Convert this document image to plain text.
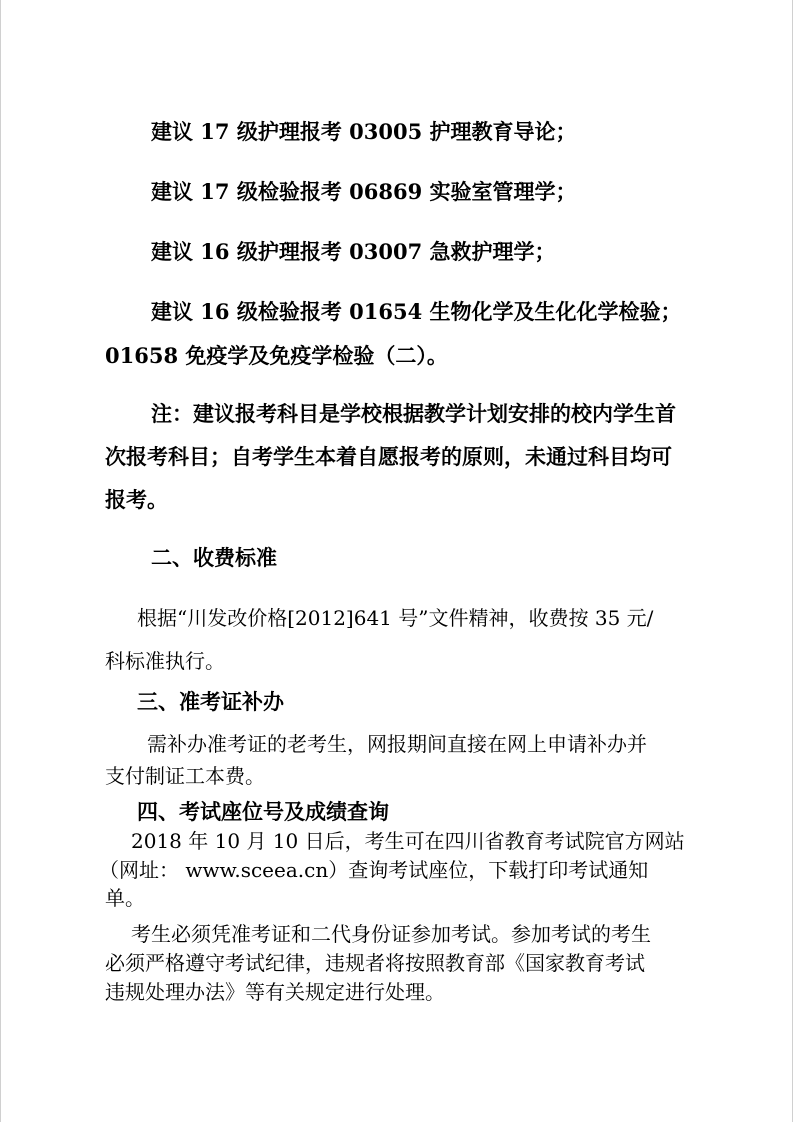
建议 17 级护理报考 03005 护理教育导论；
建议 17 级检验报考 06869 实验室管理学；
建议 16 级护理报考 03007 急救护理学；
建议 16 级检验报考 01654 生物化学及生化化学检验；
01658 免疫学及免疫学检验（二）。
注：建议报考科目是学校根据教学计划安排的校内学生首
次报考科目；自考学生本着自愿报考的原则，未通过科目均可
报考。
二、收费标准
根据“川发改价格[2012]641 号”文件精神，收费按 35 元/
科标准执行。
三、准考证补办
需补办准考证的老考生，网报期间直接在网上申请补办并
支付制证工本费。
四、考试座位号及成绩查询
2018 年 10 月 10 日后，考生可在四川省教育考试院官方网站
（网址： www.sceea.cn）查询考试座位，下载打印考试通知
单。
考生必须凭准考证和二代身份证参加考试。参加考试的考生
必须严格遵守考试纪律，违规者将按照教育部《国家教育考试
违规处理办法》等有关规定进行处理。
